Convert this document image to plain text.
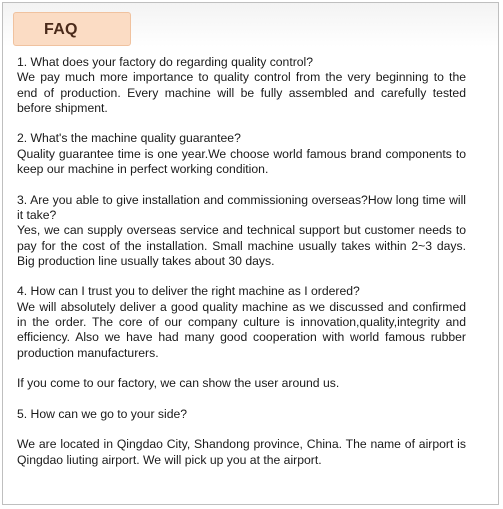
FAQ

1. What does your factory do regarding quality control?

We pay much more importance to quality control from the very beginning to the end of production. Every machine will be fully assembled and carefully tested before shipment.

2. What's the machine quality guarantee?

Quality guarantee time is one year.We choose world famous brand components to keep our machine in perfect working condition.

3. Are you able to give installation and commissioning overseas?How long time will it take?

Yes, we can supply overseas service and technical support but customer needs to pay for the cost of the installation. Small machine usually takes within 2~3 days. Big production line usually takes about 30 days.

4. How can I trust you to deliver the right machine as I ordered?

We will absolutely deliver a good quality machine as we discussed and confirmed in the order. The core of our company culture is innovation,quality,integrity and efficiency. Also we have had many good cooperation with world famous rubber production manufacturers.

If you come to our factory, we can show the user around us.

5. How can we go to your side?

We are located in Qingdao City, Shandong province, China. The name of airport is Qingdao liuting airport. We will pick up you at the airport.
